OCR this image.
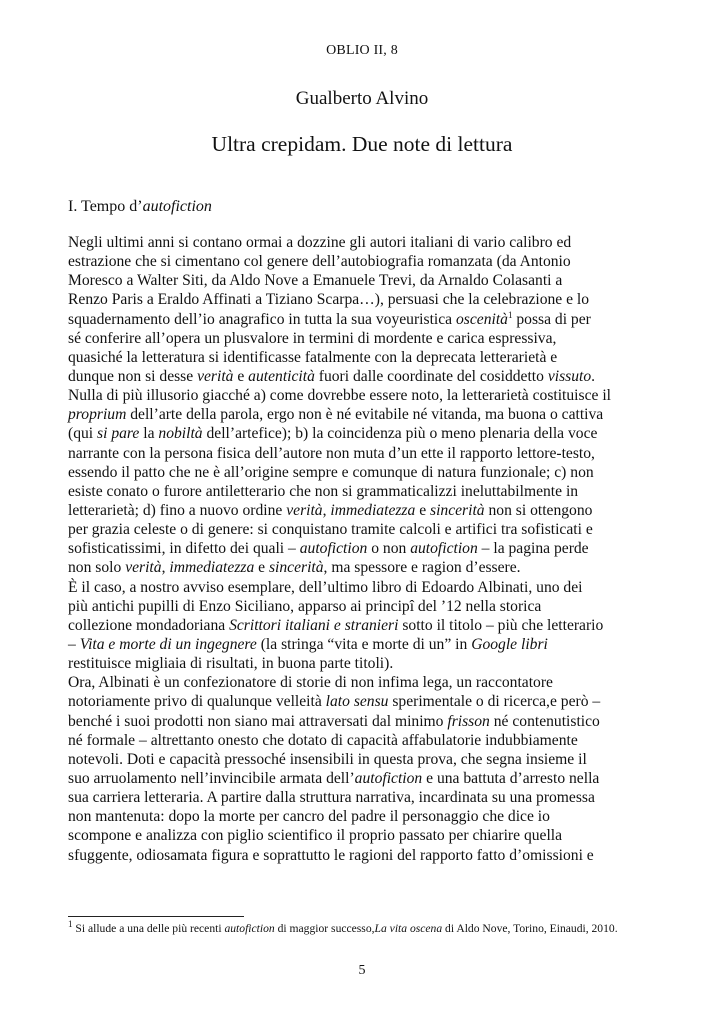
OBLIO II, 8
Gualberto Alvino
Ultra crepidam. Due note di lettura
I. Tempo d’autofiction
Negli ultimi anni si contano ormai a dozzine gli autori italiani di vario calibro ed
estrazione che si cimentano col genere dell’autobiografia romanzata (da Antonio
Moresco a Walter Siti, da Aldo Nove a Emanuele Trevi, da Arnaldo Colasanti a
Renzo Paris a Eraldo Affinati a Tiziano Scarpa…), persuasi che la celebrazione e lo
squadernamento dell’io anagrafico in tutta la sua voyeuristica oscenità$^1$ possa di per
sé conferire all’opera un plusvalore in termini di mordente e carica espressiva,
quasiché la letteratura si identificasse fatalmente con la deprecata letterarietà e
dunque non si desse verità e autenticità fuori dalle coordinate del cosiddetto vissuto.
Nulla di più illusorio giacché a) come dovrebbe essere noto, la letterarietà costituisce il
proprium dell’arte della parola, ergo non è né evitabile né vitanda, ma buona o cattiva
(qui si pare la nobiltà dell’artefice); b) la coincidenza più o meno plenaria della voce
narrante con la persona fisica dell’autore non muta d’un ette il rapporto lettore-testo,
essendo il patto che ne è all’origine sempre e comunque di natura funzionale; c) non
esiste conato o furore antiletterario che non si grammaticalizzi ineluttabilmente in
letterarietà; d) fino a nuovo ordine verità, immediatezza e sincerità non si ottengono
per grazia celeste o di genere: si conquistano tramite calcoli e artifici tra sofisticati e
sofisticatissimi, in difetto dei quali – autofiction o non autofiction – la pagina perde
non solo verità, immediatezza e sincerità, ma spessore e ragion d’essere.
È il caso, a nostro avviso esemplare, dell’ultimo libro di Edoardo Albinati, uno dei
più antichi pupilli di Enzo Siciliano, apparso ai principî del ’12 nella storica
collezione mondadoriana Scrittori italiani e stranieri sotto il titolo – più che letterario
– Vita e morte di un ingegnere (la stringa “vita e morte di un” in Google libri
restituisce migliaia di risultati, in buona parte titoli).
Ora, Albinati è un confezionatore di storie di non infima lega, un raccontatore
notoriamente privo di qualunque velleità lato sensu sperimentale o di ricerca,e però –
benché i suoi prodotti non siano mai attraversati dal minimo frisson né contenutistico
né formale – altrettanto onesto che dotato di capacità affabulatorie indubbiamente
notevoli. Doti e capacità pressoché insensibili in questa prova, che segna insieme il
suo arruolamento nell’invincibile armata dell’autofiction e una battuta d’arresto nella
sua carriera letteraria. A partire dalla struttura narrativa, incardinata su una promessa
non mantenuta: dopo la morte per cancro del padre il personaggio che dice io
scompone e analizza con piglio scientifico il proprio passato per chiarire quella
sfuggente, odiosamata figura e soprattutto le ragioni del rapporto fatto d’omissioni e
$^1$ Si allude a una delle più recenti autofiction di maggior successo,La vita oscena di Aldo Nove, Torino, Einaudi, 2010.
5
